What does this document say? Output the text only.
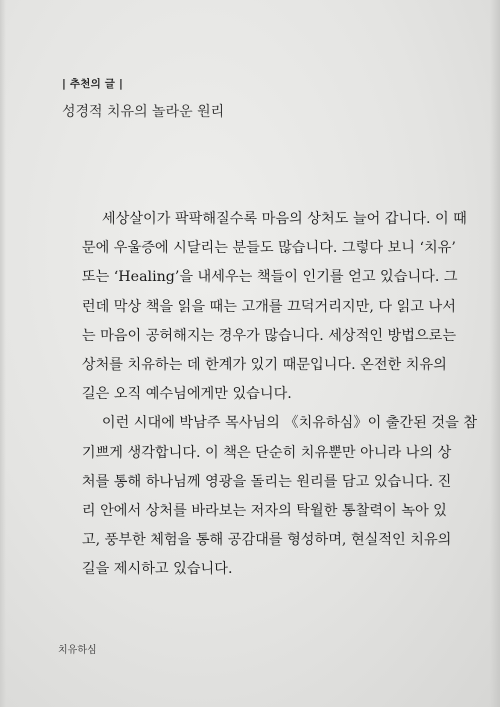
| 추천의 글 |
성경적 치유의 놀라운 원리

세상살이가 팍팍해질수록 마음의 상처도 늘어 갑니다. 이 때
문에 우울증에 시달리는 분들도 많습니다. 그렇다 보니 ‘치유’
또는 ‘Healing’을 내세우는 책들이 인기를 얻고 있습니다. 그
런데 막상 책을 읽을 때는 고개를 끄덕거리지만, 다 읽고 나서
는 마음이 공허해지는 경우가 많습니다. 세상적인 방법으로는
상처를 치유하는 데 한계가 있기 때문입니다. 온전한 치유의
길은 오직 예수님에게만 있습니다.

이런 시대에 박남주 목사님의 《치유하심》이 출간된 것을 참
기쁘게 생각합니다. 이 책은 단순히 치유뿐만 아니라 나의 상
처를 통해 하나님께 영광을 돌리는 원리를 담고 있습니다. 진
리 안에서 상처를 바라보는 저자의 탁월한 통찰력이 녹아 있
고, 풍부한 체험을 통해 공감대를 형성하며, 현실적인 치유의
길을 제시하고 있습니다.

치유하심
